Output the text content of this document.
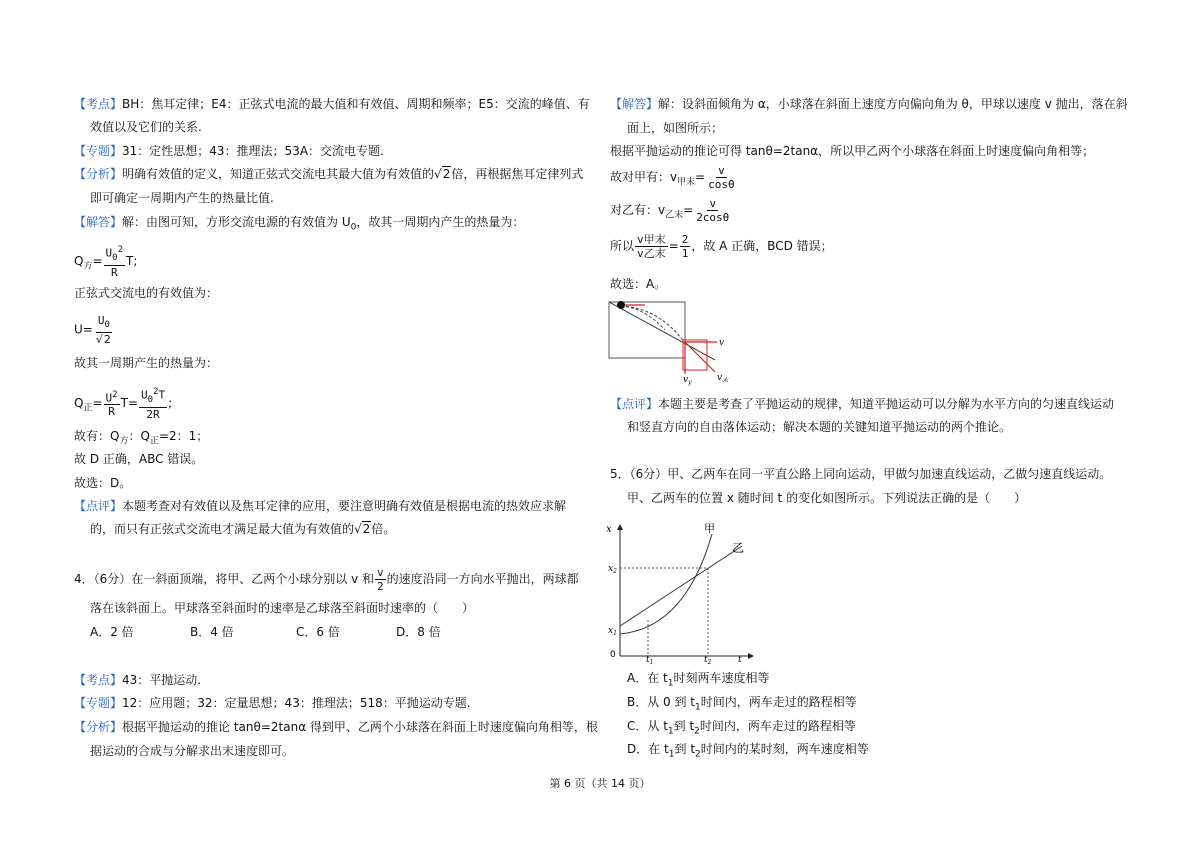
【考点】BH：焦耳定律；E4：正弦式电流的最大值和有效值、周期和频率；E5：交流的峰值、有
效值以及它们的关系.
【专题】31：定性思想；43：推理法；53A：交流电专题.
【分析】明确有效值的定义，知道正弦式交流电其最大值为有效值的√2倍，再根据焦耳定律列式
即可确定一周期内产生的热量比值.
【解答】解：由图可知，方形交流电源的有效值为 $U_0$，故其一周期内产生的热量为：
$Q_方= \frac{U_0^2}{R} T$;
正弦式交流电的有效值为：
$U= \frac{U_0}{√2}$
故其一周期产生的热量为：
$Q_正= \frac{U^2}{R} T= \frac{U_0^2T}{2R}$ ;
故有：$Q_方$：$Q_正=2$：1；
故 D 正确，ABC 错误。
故选：D。
【点评】本题考查对有效值以及焦耳定律的应用，要注意明确有效值是根据电流的热效应求解
的，而只有正弦式交流电才满足最大值为有效值的√2倍。
4．（6分）在一斜面顶端，将甲、乙两个小球分别以 v 和 $\frac{v}{2}$ 的速度沿同一方向水平抛出，两球都
落在该斜面上。甲球落至斜面时的速率是乙球落至斜面时速率的（　　）
A．2 倍	B．4 倍	C．6 倍	D．8 倍
【考点】43：平抛运动.
【专题】12：应用题；32：定量思想；43：推理法；518：平抛运动专题.
【分析】根据平抛运动的推论 tanθ=2tanα 得到甲、乙两个小球落在斜面上时速度偏向角相等，根
据运动的合成与分解求出末速度即可。
【解答】解：设斜面倾角为 α，小球落在斜面上速度方向偏向角为 θ，甲球以速度 v 抛出，落在斜
面上，如图所示；
根据平抛运动的推论可得 tanθ=2tanα，所以甲乙两个小球落在斜面上时速度偏向角相等；
故对甲有：$v_{甲末}= \frac{v}{\cos\theta}$
对乙有：$v_{乙末}= \frac{v}{2\cos\theta}$
所以 $\frac{\text{v甲末}}{\text{v乙末}} = \frac{2}{1}$ ，故 A 正确，BCD 错误；
故选：A。
v
$v_y$	$v_末$
【点评】本题主要是考查了平抛运动的规律，知道平抛运动可以分解为水平方向的匀速直线运动
和竖直方向的自由落体运动；解决本题的关键知道平抛运动的两个推论。
5．（6分）甲、乙两车在同一平直公路上同向运动，甲做匀加速直线运动，乙做匀速直线运动。
甲、乙两车的位置 x 随时间 t 的变化如图所示。下列说法正确的是（　　）
x	甲
乙
$x_2$
$x_1$
0	$t_1$	$t_2$	t
A．在 $t_1$时刻两车速度相等
B．从 0 到 $t_1$时间内，两车走过的路程相等
C．从 $t_1$到 $t_2$时间内，两车走过的路程相等
D．在 $t_1$到 $t_2$时间内的某时刻，两车速度相等
第 6 页（共 14 页）
